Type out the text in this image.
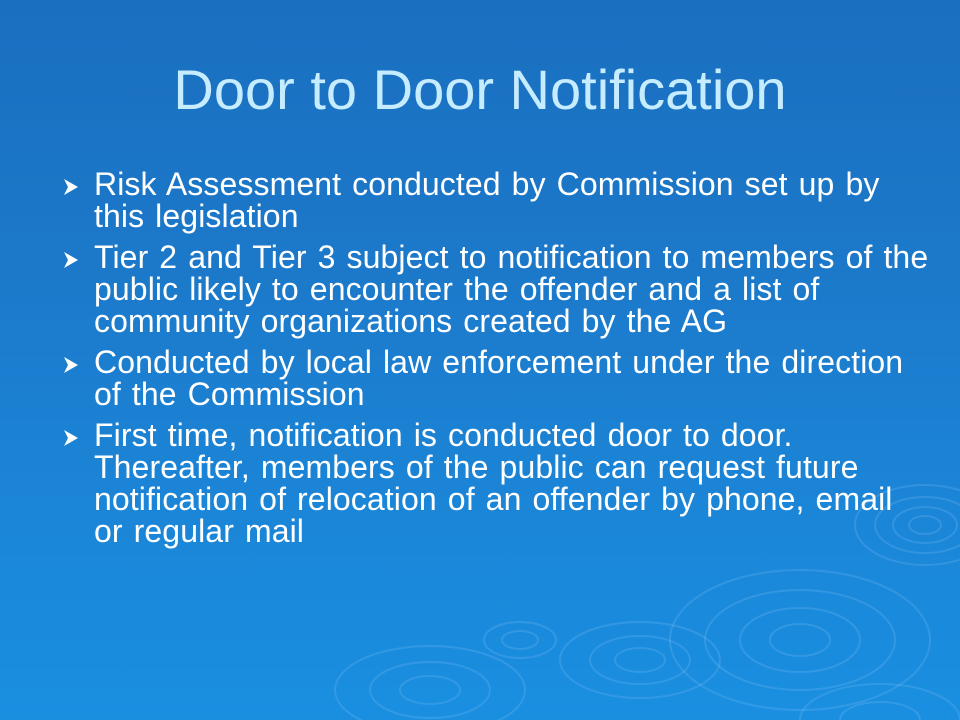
Door to Door Notification
Risk Assessment conducted by Commission set up by this legislation
Tier 2 and Tier 3 subject to notification to members of the public likely to encounter the offender and a list of community organizations created by the AG
Conducted by local law enforcement under the direction of the Commission
First time, notification is conducted door to door. Thereafter, members of the public can request future notification of relocation of an offender by phone, email or regular mail
